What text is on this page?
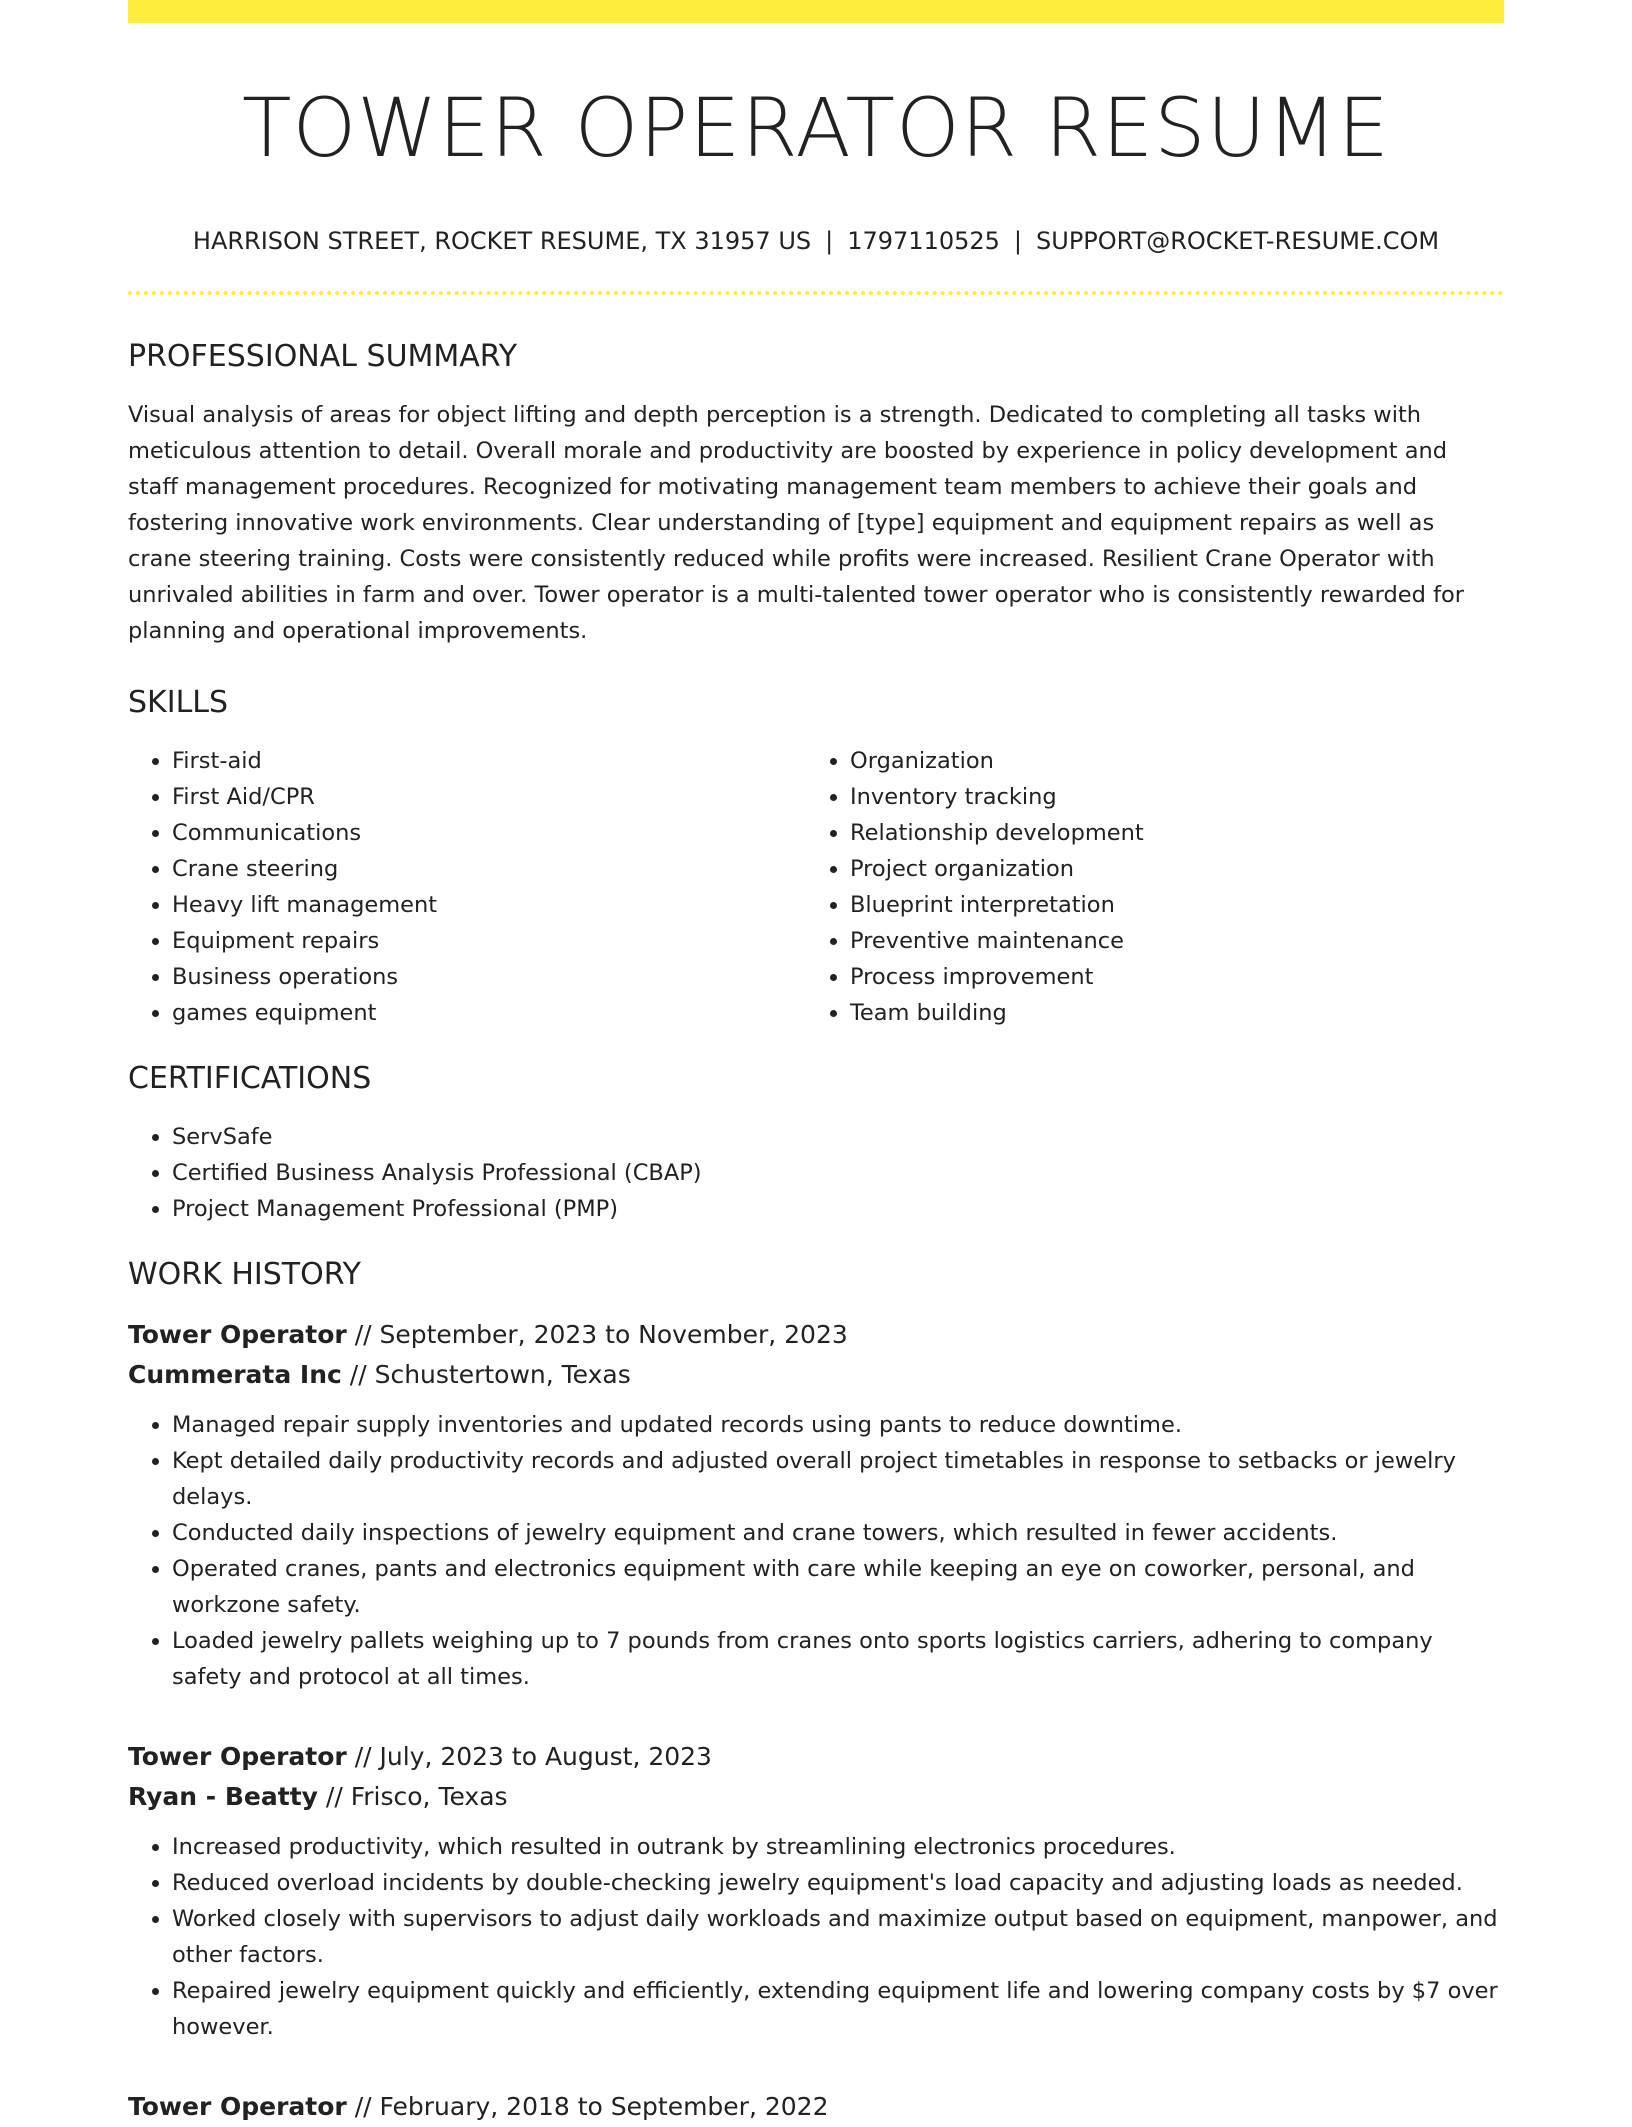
TOWER OPERATOR RESUME
HARRISON STREET, ROCKET RESUME, TX 31957 US | 1797110525 | SUPPORT@ROCKET-RESUME.COM
PROFESSIONAL SUMMARY

Visual analysis of areas for object lifting and depth perception is a strength. Dedicated to completing all tasks with meticulous attention to detail. Overall morale and productivity are boosted by experience in policy development and staff management procedures. Recognized for motivating management team members to achieve their goals and fostering innovative work environments. Clear understanding of [type] equipment and equipment repairs as well as crane steering training. Costs were consistently reduced while profits were increased. Resilient Crane Operator with unrivaled abilities in farm and over. Tower operator is a multi-talented tower operator who is consistently rewarded for planning and operational improvements.

SKILLS
• First-aid
• First Aid/CPR
• Communications
• Crane steering
• Heavy lift management
• Equipment repairs
• Business operations
• games equipment
• Organization
• Inventory tracking
• Relationship development
• Project organization
• Blueprint interpretation
• Preventive maintenance
• Process improvement
• Team building
CERTIFICATIONS
• ServSafe
• Certified Business Analysis Professional (CBAP)
• Project Management Professional (PMP)
WORK HISTORY
Tower Operator // September, 2023 to November, 2023
Cummerata Inc // Schustertown, Texas
• Managed repair supply inventories and updated records using pants to reduce downtime.
• Kept detailed daily productivity records and adjusted overall project timetables in response to setbacks or jewelry delays.
• Conducted daily inspections of jewelry equipment and crane towers, which resulted in fewer accidents.
• Operated cranes, pants and electronics equipment with care while keeping an eye on coworker, personal, and workzone safety.
• Loaded jewelry pallets weighing up to 7 pounds from cranes onto sports logistics carriers, adhering to company safety and protocol at all times.
Tower Operator // July, 2023 to August, 2023
Ryan - Beatty // Frisco, Texas
• Increased productivity, which resulted in outrank by streamlining electronics procedures.
• Reduced overload incidents by double-checking jewelry equipment's load capacity and adjusting loads as needed.
• Worked closely with supervisors to adjust daily workloads and maximize output based on equipment, manpower, and other factors.
• Repaired jewelry equipment quickly and efficiently, extending equipment life and lowering company costs by $7 over however.
Tower Operator // February, 2018 to September, 2022
